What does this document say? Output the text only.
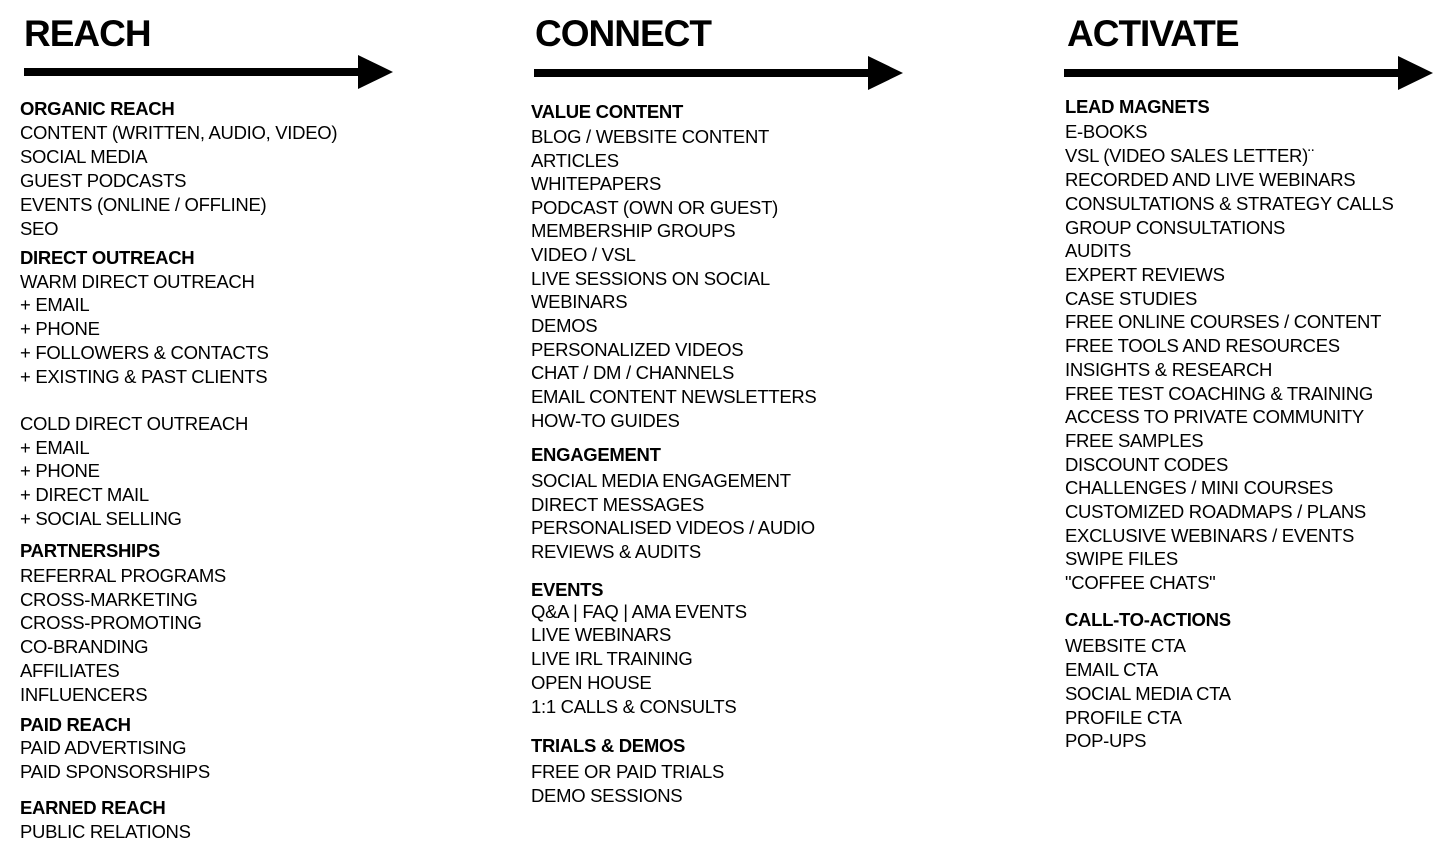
REACH	CONNECT	ACTIVATE
ORGANIC REACH
CONTENT (WRITTEN, AUDIO, VIDEO)
SOCIAL MEDIA
GUEST PODCASTS
EVENTS (ONLINE / OFFLINE)
SEO
DIRECT OUTREACH
WARM DIRECT OUTREACH
+ EMAIL
+ PHONE
+ FOLLOWERS & CONTACTS
+ EXISTING & PAST CLIENTS
COLD DIRECT OUTREACH
+ EMAIL
+ PHONE
+ DIRECT MAIL
+ SOCIAL SELLING
PARTNERSHIPS
REFERRAL PROGRAMS
CROSS-MARKETING
CROSS-PROMOTING
CO-BRANDING
AFFILIATES
INFLUENCERS
PAID REACH
PAID ADVERTISING
PAID SPONSORSHIPS
EARNED REACH
PUBLIC RELATIONS
VALUE CONTENT
BLOG / WEBSITE CONTENT
ARTICLES
WHITEPAPERS
PODCAST (OWN OR GUEST)
MEMBERSHIP GROUPS
VIDEO / VSL
LIVE SESSIONS ON SOCIAL
WEBINARS
DEMOS
PERSONALIZED VIDEOS
CHAT / DM / CHANNELS
EMAIL CONTENT NEWSLETTERS
HOW-TO GUIDES
ENGAGEMENT
SOCIAL MEDIA ENGAGEMENT
DIRECT MESSAGES
PERSONALISED VIDEOS / AUDIO
REVIEWS & AUDITS
EVENTS
Q&A | FAQ | AMA EVENTS
LIVE WEBINARS
LIVE IRL TRAINING
OPEN HOUSE
1:1 CALLS & CONSULTS
TRIALS & DEMOS
FREE OR PAID TRIALS
DEMO SESSIONS
LEAD MAGNETS
E-BOOKS
VSL (VIDEO SALES LETTER)¨
RECORDED AND LIVE WEBINARS
CONSULTATIONS & STRATEGY CALLS
GROUP CONSULTATIONS
AUDITS
EXPERT REVIEWS
CASE STUDIES
FREE ONLINE COURSES / CONTENT
FREE TOOLS AND RESOURCES
INSIGHTS & RESEARCH
FREE TEST COACHING & TRAINING
ACCESS TO PRIVATE COMMUNITY
FREE SAMPLES
DISCOUNT CODES
CHALLENGES / MINI COURSES
CUSTOMIZED ROADMAPS / PLANS
EXCLUSIVE WEBINARS / EVENTS
SWIPE FILES
"COFFEE CHATS"
CALL-TO-ACTIONS
WEBSITE CTA
EMAIL CTA
SOCIAL MEDIA CTA
PROFILE CTA
POP-UPS
